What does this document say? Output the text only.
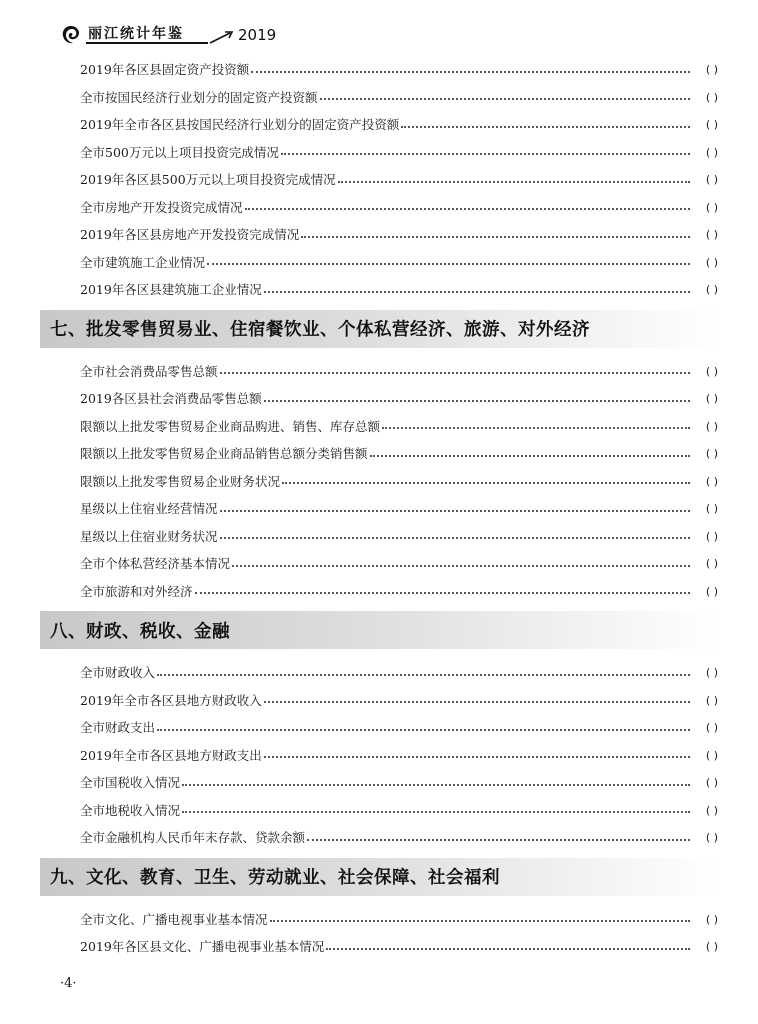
丽江统计年鉴	2019
2019年各区县固定资产投资额	( )
全市按国民经济行业划分的固定资产投资额	( )
2019年全市各区县按国民经济行业划分的固定资产投资额	( )
全市500万元以上项目投资完成情况	( )
2019年各区县500万元以上项目投资完成情况	( )
全市房地产开发投资完成情况	( )
2019年各区县房地产开发投资完成情况	( )
全市建筑施工企业情况	( )
2019年各区县建筑施工企业情况	( )
七、批发零售贸易业、住宿餐饮业、个体私营经济、旅游、对外经济
全市社会消费品零售总额	( )
2019各区县社会消费品零售总额	( )
限额以上批发零售贸易企业商品购进、销售、库存总额	( )
限额以上批发零售贸易企业商品销售总额分类销售额	( )
限额以上批发零售贸易企业财务状况	( )
星级以上住宿业经营情况	( )
星级以上住宿业财务状况	( )
全市个体私营经济基本情况	( )
全市旅游和对外经济	( )
八、财政、税收、金融
全市财政收入	( )
2019年全市各区县地方财政收入	( )
全市财政支出	( )
2019年全市各区县地方财政支出	( )
全市国税收入情况	( )
全市地税收入情况	( )
全市金融机构人民币年末存款、贷款余额	( )
九、文化、教育、卫生、劳动就业、社会保障、社会福利
全市文化、广播电视事业基本情况	( )
2019年各区县文化、广播电视事业基本情况	( )
·4·
